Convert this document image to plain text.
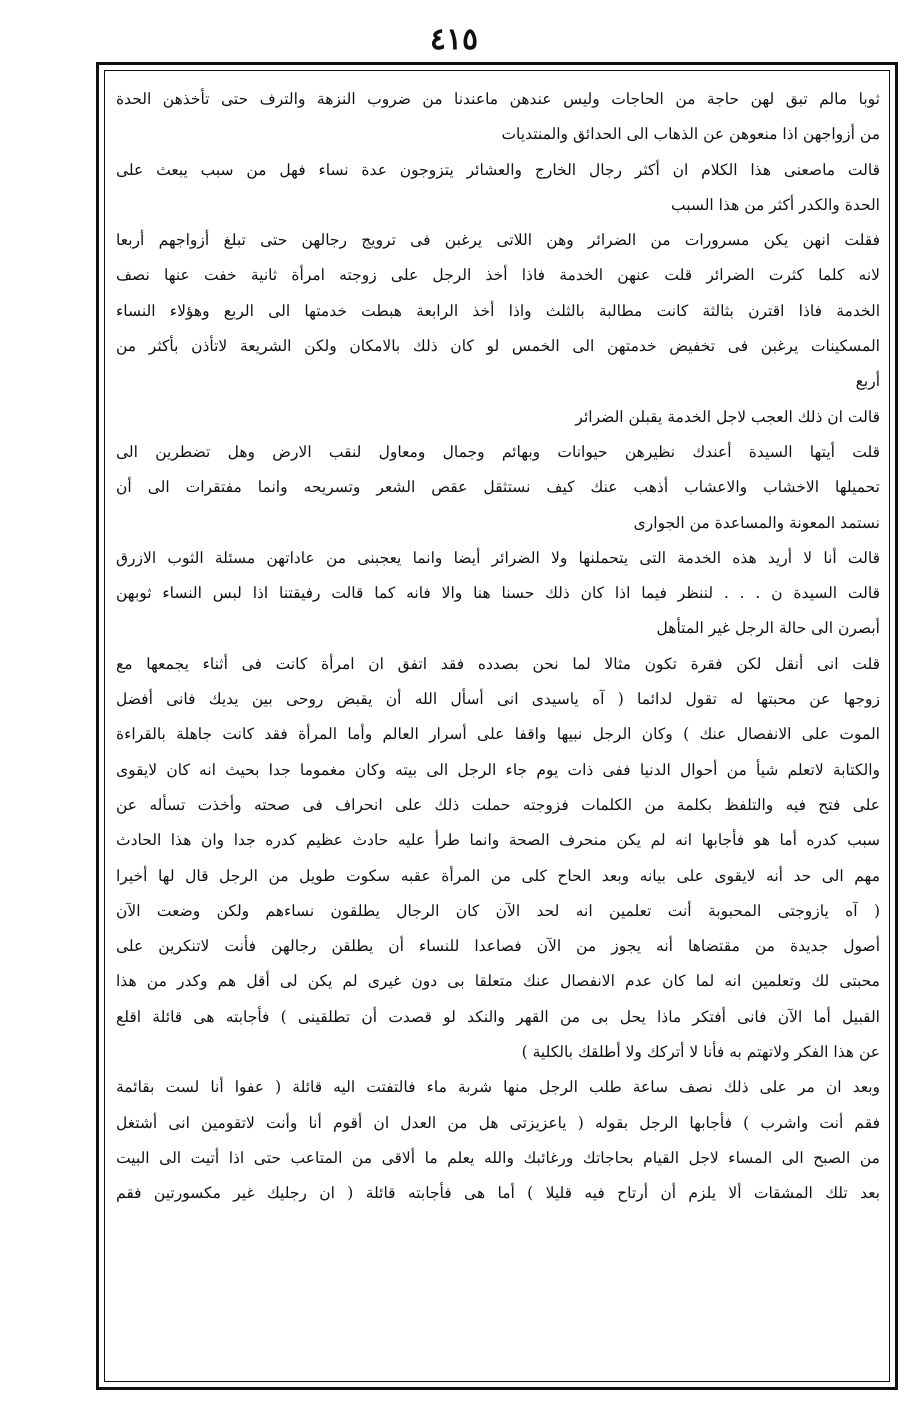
٤١٥
ثوبا مالم تبق لهن حاجة من الحاجات وليس عندهن ماعندنا من ضروب النزهة والترف حتى تأخذهن الحدة
من أزواجهن اذا منعوهن عن الذهاب الى الحدائق والمنتديات
قالت ماصعنى هذا الكلام ان أكثر رجال الخارج والعشائر يتزوجون عدة نساء فهل من سبب يبعث على
الحدة والكدر أكثر من هذا السبب
فقلت انهن يكن مسرورات من الضرائر وهن اللاتى يرغبن فى ترويج رجالهن حتى تبلغ أزواجهم أربعا
لانه كلما كثرت الضرائر قلت عنهن الخدمة فاذا أخذ الرجل على زوجته امرأة ثانية خفت عنها نصف
الخدمة فاذا اقترن بثالثة كانت مطالبة بالثلث واذا أخذ الرابعة هبطت خدمتها الى الربع وهؤلاء النساء
المسكينات يرغبن فى تخفيض خدمتهن الى الخمس لو كان ذلك بالامكان ولكن الشريعة لاتأذن بأكثر من
أربع
قالت ان ذلك العجب لاجل الخدمة يقبلن الضرائر
قلت أيتها السيدة أعندك نظيرهن حيوانات وبهائم وجمال ومعاول لنقب الارض وهل تضطرين الى
تحميلها الاخشاب والاعشاب أذهب عنك كيف نستثقل عقص الشعر وتسريحه وانما مفتقرات الى أن
نستمد المعونة والمساعدة من الجوارى
قالت أنا لا أريد هذه الخدمة التى يتحملنها ولا الضرائر أيضا وانما يعجبنى من عاداتهن مسئلة الثوب الازرق
قالت السيدة ن . . . لننظر فيما اذا كان ذلك حسنا هنا والا فانه كما قالت رفيقتنا اذا لبس النساء ثوبهن
أبصرن الى حالة الرجل غير المتأهل
قلت انى أنقل لكن فقرة تكون مثالا لما نحن بصدده فقد اتفق ان امرأة كانت فى أثناء يجمعها مع
زوجها عن محبتها له تقول لدائما ( آه ياسيدى انى أسأل الله أن يقبض روحى بين يديك فانى أفضل
الموت على الانفصال عنك ) وكان الرجل نبيها واقفا على أسرار العالم وأما المرأة فقد كانت جاهلة بالقراءة
والكتابة لاتعلم شيأ من أحوال الدنيا ففى ذات يوم جاء الرجل الى بيته وكان مغموما جدا بحيث انه كان لايقوى
على فتح فيه والتلفظ بكلمة من الكلمات فزوجته حملت ذلك على انحراف فى صحته وأخذت تسأله عن
سبب كدره أما هو فأجابها انه لم يكن منحرف الصحة وانما طرأ عليه حادث عظيم كدره جدا وان هذا الحادث
مهم الى حد أنه لايقوى على بيانه وبعد الحاح كلى من المرأة عقبه سكوت طويل من الرجل قال لها أخيرا
( آه يازوجتى المحبوبة أنت تعلمين انه لحد الآن كان الرجال يطلقون نساءهم ولكن وضعت الآن
أصول جديدة من مقتضاها أنه يجوز من الآن فصاعدا للنساء أن يطلقن رجالهن فأنت لاتنكرين على
محبتى لك وتعلمين انه لما كان عدم الانفصال عنك متعلقا بى دون غيرى لم يكن لى أقل هم وكدر من هذا
القبيل أما الآن فانى أفتكر ماذا يحل بى من القهر والنكد لو قصدت أن تطلقينى ) فأجابته هى قائلة اقلع
عن هذا الفكر ولاتهتم به فأنا لا أتركك ولا أطلقك بالكلية )
وبعد ان مر على ذلك نصف ساعة طلب الرجل منها شربة ماء فالتفتت اليه قائلة ( عفوا أنا لست بقائمة
فقم أنت واشرب ) فأجابها الرجل بقوله ( ياعزيزتى هل من العدل ان أقوم أنا وأنت لاتقومين انى أشتغل
من الصبح الى المساء لاجل القيام بحاجاتك ورغائبك والله يعلم ما ألاقى من المتاعب حتى اذا أتيت الى البيت
بعد تلك المشقات ألا يلزم أن أرتاح فيه قليلا ) أما هى فأجابته قائلة ( ان رجليك غير مكسورتين فقم
